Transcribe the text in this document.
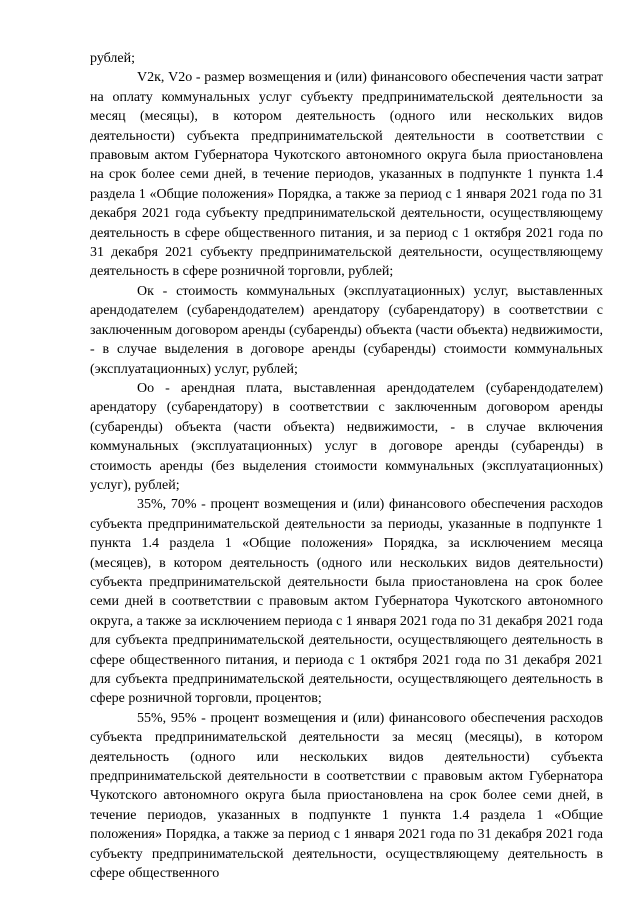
рублей;

V2к, V2о - размер возмещения и (или) финансового обеспечения части затрат на оплату коммунальных услуг субъекту предпринимательской деятельности за месяц (месяцы), в котором деятельность (одного или нескольких видов деятельности) субъекта предпринимательской деятельности в соответствии с правовым актом Губернатора Чукотского автономного округа была приостановлена на срок более семи дней, в течение периодов, указанных в подпункте 1 пункта 1.4 раздела 1 «Общие положения» Порядка, а также за период с 1 января 2021 года по 31 декабря 2021 года субъекту предпринимательской деятельности, осуществляющему деятельность в сфере общественного питания, и за период с 1 октября 2021 года по 31 декабря 2021 субъекту предпринимательской деятельности, осуществляющему деятельность в сфере розничной торговли, рублей;

Ок - стоимость коммунальных (эксплуатационных) услуг, выставленных арендодателем (субарендодателем) арендатору (субарендатору) в соответствии с заключенным договором аренды (субаренды) объекта (части объекта) недвижимости, - в случае выделения в договоре аренды (субаренды) стоимости коммунальных (эксплуатационных) услуг, рублей;

Оо - арендная плата, выставленная арендодателем (субарендодателем) арендатору (субарендатору) в соответствии с заключенным договором аренды (субаренды) объекта (части объекта) недвижимости, - в случае включения коммунальных (эксплуатационных) услуг в договоре аренды (субаренды) в стоимость аренды (без выделения стоимости коммунальных (эксплуатационных) услуг), рублей;

35%, 70% - процент возмещения и (или) финансового обеспечения расходов субъекта предпринимательской деятельности за периоды, указанные в подпункте 1 пункта 1.4 раздела 1 «Общие положения» Порядка, за исключением месяца (месяцев), в котором деятельность (одного или нескольких видов деятельности) субъекта предпринимательской деятельности была приостановлена на срок более семи дней в соответствии с правовым актом Губернатора Чукотского автономного округа, а также за исключением периода с 1 января 2021 года по 31 декабря 2021 года для субъекта предпринимательской деятельности, осуществляющего деятельность в сфере общественного питания, и периода с 1 октября 2021 года по 31 декабря 2021 для субъекта предпринимательской деятельности, осуществляющего деятельность в сфере розничной торговли, процентов;

55%, 95% - процент возмещения и (или) финансового обеспечения расходов субъекта предпринимательской деятельности за месяц (месяцы), в котором деятельность (одного или нескольких видов деятельности) субъекта предпринимательской деятельности в соответствии с правовым актом Губернатора Чукотского автономного округа была приостановлена на срок более семи дней, в течение периодов, указанных в подпункте 1 пункта 1.4 раздела 1 «Общие положения» Порядка, а также за период с 1 января 2021 года по 31 декабря 2021 года субъекту предпринимательской деятельности, осуществляющему деятельность в сфере общественного
